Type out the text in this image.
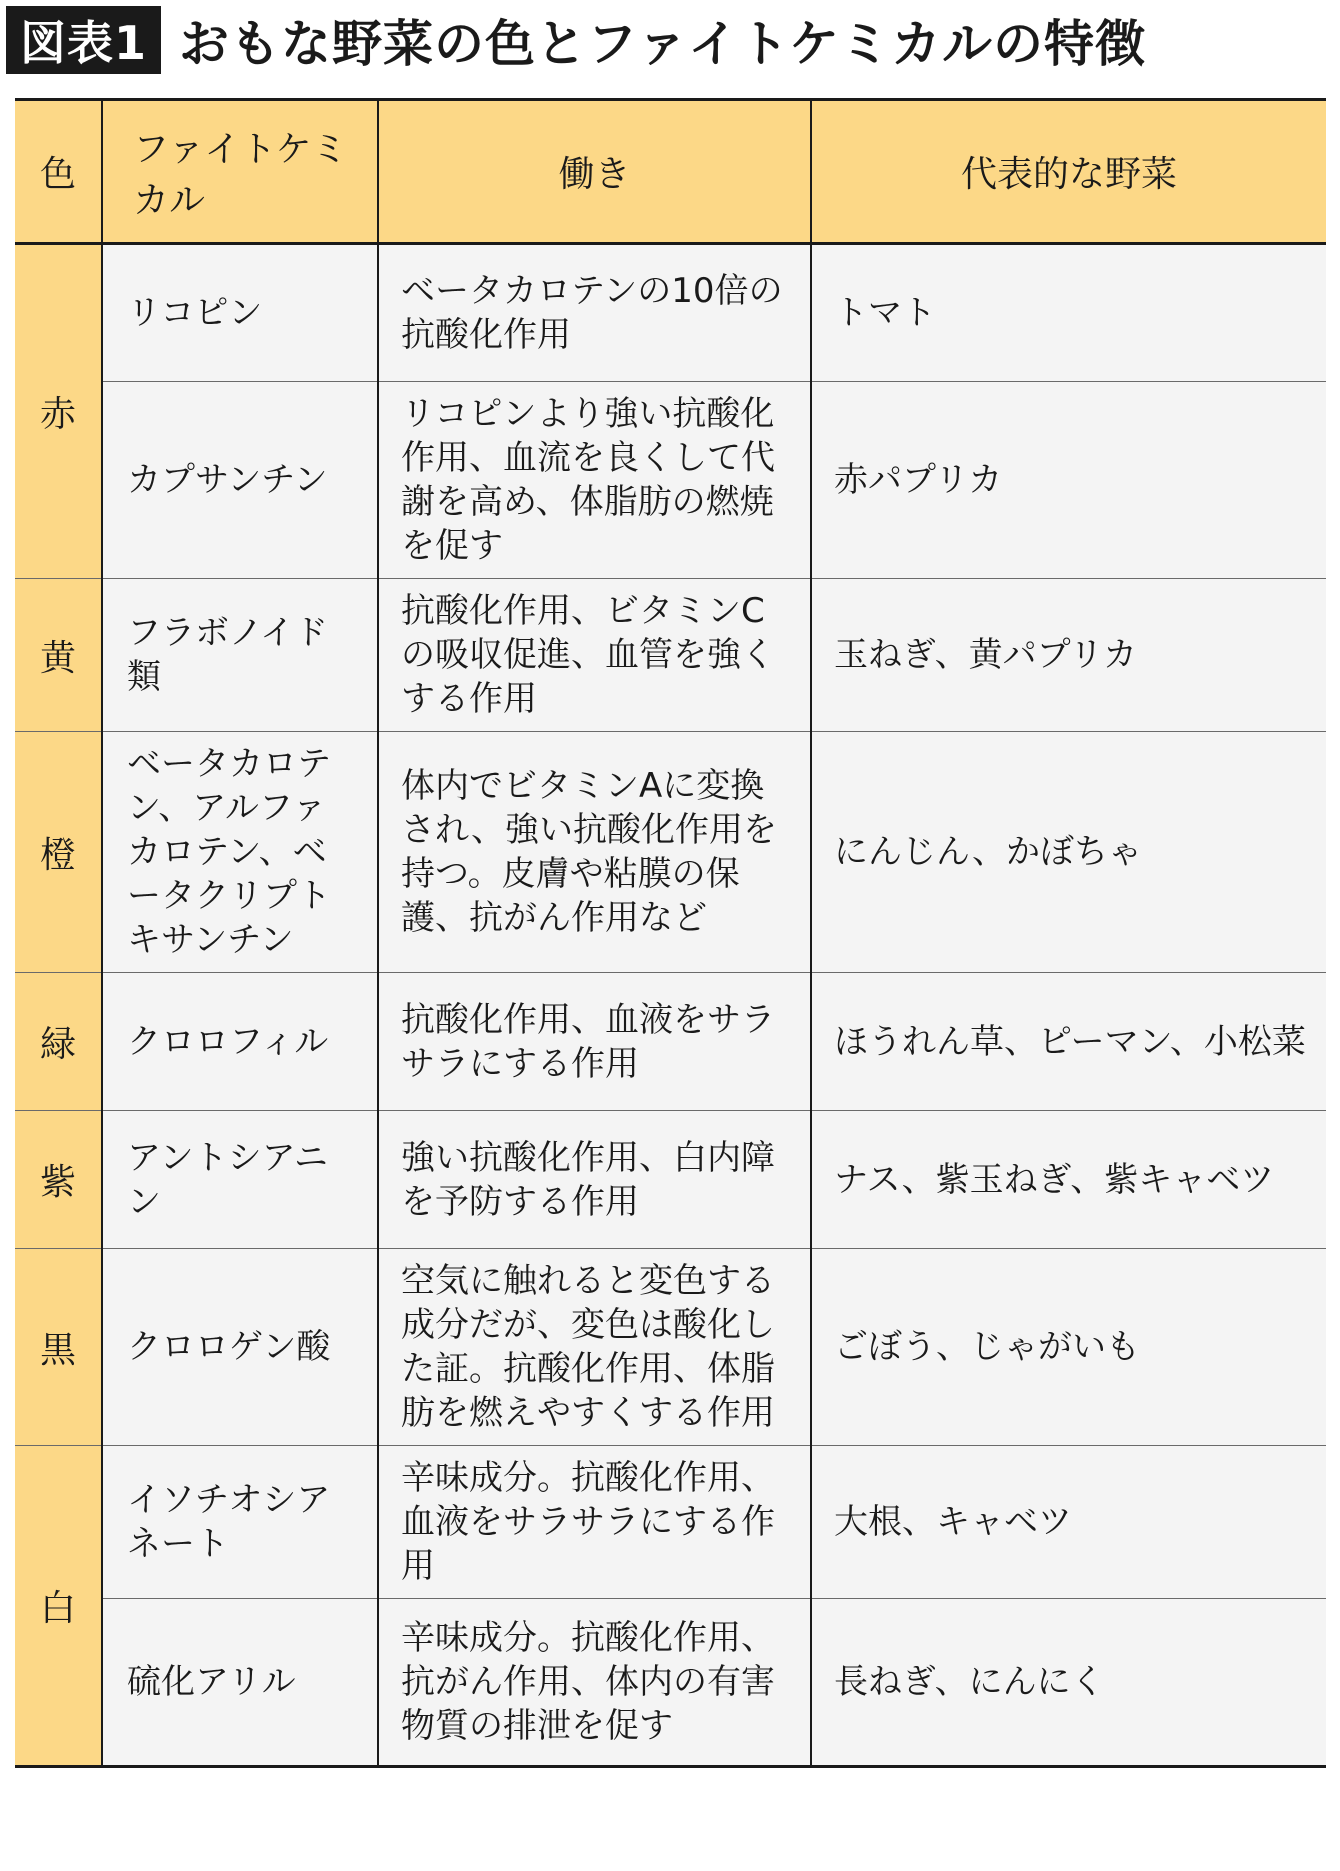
図表1 おもな野菜の色とファイトケミカルの特徴
色	ファイトケミカル	働き	代表的な野菜
赤	リコピン	ベータカロテンの10倍の抗酸化作用	トマト
	カプサンチン	リコピンより強い抗酸化作用、血流を良くして代謝を高め、体脂肪の燃焼を促す	赤パプリカ
黄	フラボノイド類	抗酸化作用、ビタミンCの吸収促進、血管を強くする作用	玉ねぎ、黄パプリカ
橙	ベータカロテン、アルファカロテン、ベータクリプトキサンチン	体内でビタミンAに変換され、強い抗酸化作用を持つ。皮膚や粘膜の保護、抗がん作用など	にんじん、かぼちゃ
緑	クロロフィル	抗酸化作用、血液をサラサラにする作用	ほうれん草、ピーマン、小松菜
紫	アントシアニン	強い抗酸化作用、白内障を予防する作用	ナス、紫玉ねぎ、紫キャベツ
黒	クロロゲン酸	空気に触れると変色する成分だが、変色は酸化した証。抗酸化作用、体脂肪を燃えやすくする作用	ごぼう、じゃがいも
白	イソチオシアネート	辛味成分。抗酸化作用、血液をサラサラにする作用	大根、キャベツ
	硫化アリル	辛味成分。抗酸化作用、抗がん作用、体内の有害物質の排泄を促す	長ねぎ、にんにく
